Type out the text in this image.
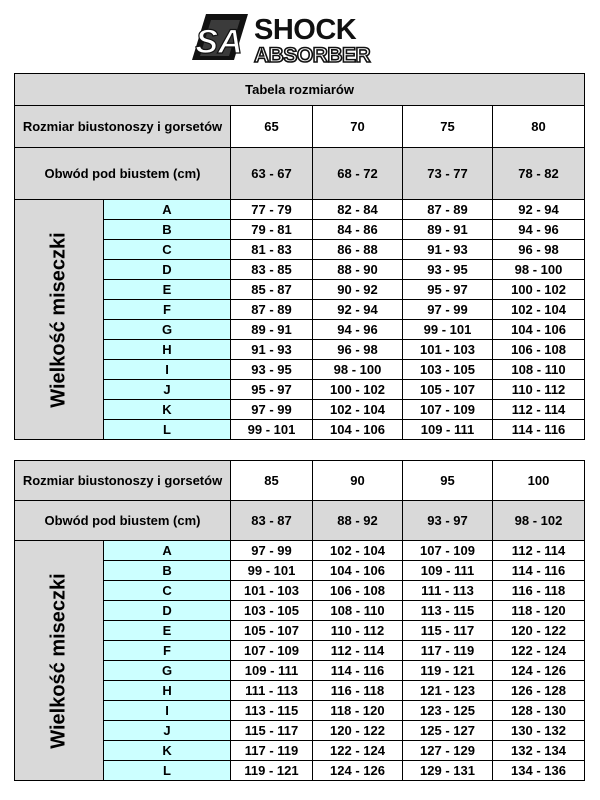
SA SHOCK
ABSORBER
Tabela rozmiarów					
Rozmiar biustonoszy i gorsetów		65	70	75	80
Obwód pod biustem (cm)		63 - 67	68 - 72	73 - 77	78 - 82

Wielkość miseczki	A	77 - 79	82 - 84	87 - 89	92 - 94
	B	79 - 81	84 - 86	89 - 91	94 - 96
	C	81 - 83	86 - 88	91 - 93	96 - 98
	D	83 - 85	88 - 90	93 - 95	98 - 100
	E	85 - 87	90 - 92	95 - 97	100 - 102
	F	87 - 89	92 - 94	97 - 99	102 - 104
	G	89 - 91	94 - 96	99 - 101	104 - 106
	H	91 - 93	96 - 98	101 - 103	106 - 108
	I	93 - 95	98 - 100	103 - 105	108 - 110
	J	95 - 97	100 - 102	105 - 107	110 - 112
	K	97 - 99	102 - 104	107 - 109	112 - 114
	L	99 - 101	104 - 106	109 - 111	114 - 116
Rozmiar biustonoszy i gorsetów		85	90	95	100
Obwód pod biustem (cm)		83 - 87	88 - 92	93 - 97	98 - 102

Wielkość miseczki	A	97 - 99	102 - 104	107 - 109	112 - 114
	B	99 - 101	104 - 106	109 - 111	114 - 116
	C	101 - 103	106 - 108	111 - 113	116 - 118
	D	103 - 105	108 - 110	113 - 115	118 - 120
	E	105 - 107	110 - 112	115 - 117	120 - 122
	F	107 - 109	112 - 114	117 - 119	122 - 124
	G	109 - 111	114 - 116	119 - 121	124 - 126
	H	111 - 113	116 - 118	121 - 123	126 - 128
	I	113 - 115	118 - 120	123 - 125	128 - 130
	J	115 - 117	120 - 122	125 - 127	130 - 132
	K	117 - 119	122 - 124	127 - 129	132 - 134
	L	119 - 121	124 - 126	129 - 131	134 - 136
